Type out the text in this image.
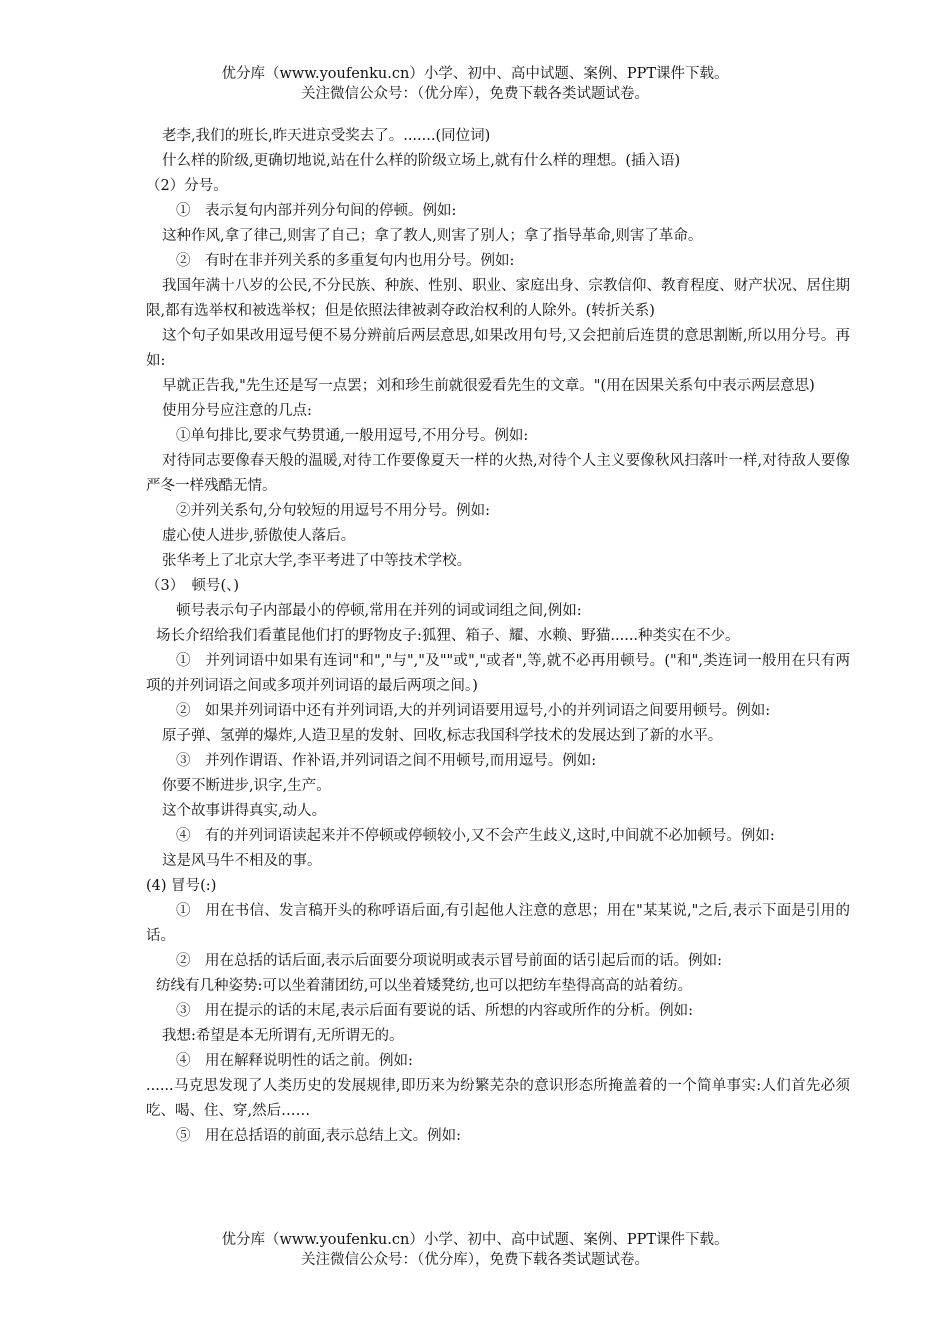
优分库（www.youfenku.cn）小学、初中、高中试题、案例、PPT课件下载。
关注微信公众号：（优分库），免费下载各类试题试卷。

老李,我们的班长,昨天进京受奖去了。.......(同位词)

什么样的阶级,更确切地说,站在什么样的阶级立场上,就有什么样的理想。(插入语)

（2）分号。

①　表示复句内部并列分句间的停顿。例如:

这种作风,拿了律己,则害了自己；拿了教人,则害了别人；拿了指导革命,则害了革命。

②　有时在非并列关系的多重复句内也用分号。例如:

我国年满十八岁的公民,不分民族、种族、性别、职业、家庭出身、宗教信仰、教育程度、财产状况、居住期限,都有选举权和被选举权；但是依照法律被剥夺政治权利的人除外。(转折关系)

这个句子如果改用逗号便不易分辨前后两层意思,如果改用句号,又会把前后连贯的意思割断,所以用分号。再如:

早就正告我,"先生还是写一点罢；刘和珍生前就很爱看先生的文章。"(用在因果关系句中表示两层意思)

使用分号应注意的几点:

①单句排比,要求气势贯通,一般用逗号,不用分号。例如:

对待同志要像春天般的温暖,对待工作要像夏天一样的火热,对待个人主义要像秋风扫落叶一样,对待敌人要像严冬一样残酷无情。

②并列关系句,分句较短的用逗号不用分号。例如:

虚心使人进步,骄傲使人落后。

张华考上了北京大学,李平考进了中等技术学校。

（3）　顿号(、)

顿号表示句子内部最小的停顿,常用在并列的词或词组之间,例如:

场长介绍给我们看董昆他们打的野物皮子:狐狸、箱子、耀、水赖、野猫......种类实在不少。

①　并列词语中如果有连词"和","与","及""或","或者",等,就不必再用顿号。("和",类连词一般用在只有两项的并列词语之间或多项并列词语的最后两项之间。)

②　如果并列词语中还有并列词语,大的并列词语要用逗号,小的并列词语之间要用顿号。例如:

原子弹、氢弹的爆炸,人造卫星的发射、回收,标志我国科学技术的发展达到了新的水平。

③　并列作谓语、作补语,并列词语之间不用顿号,而用逗号。例如:

你要不断进步,识字,生产。

这个故事讲得真实,动人。

④　有的并列词语读起来并不停顿或停顿较小,又不会产生歧义,这时,中间就不必加顿号。例如:

这是风马牛不相及的事。

(4) 冒号(:)

①　用在书信、发言稿开头的称呼语后面,有引起他人注意的意思；用在"某某说,"之后,表示下面是引用的话。

②　用在总括的话后面,表示后面要分项说明或表示冒号前面的话引起后而的话。例如:

纺线有几种姿势:可以坐着蒲团纺,可以坐着矮凳纺,也可以把纺车垫得高高的站着纺。

③　用在提示的话的末尾,表示后面有要说的话、所想的内容或所作的分析。例如:

我想:希望是本无所谓有,无所谓无的。

④　用在解释说明性的话之前。例如:

......马克思发现了人类历史的发展规律,即历来为纷繁芜杂的意识形态所掩盖着的一个简单事实:人们首先必须吃、喝、住、穿,然后……

⑤　用在总括语的前面,表示总结上文。例如:

优分库（www.youfenku.cn）小学、初中、高中试题、案例、PPT课件下载。
关注微信公众号：（优分库），免费下载各类试题试卷。
